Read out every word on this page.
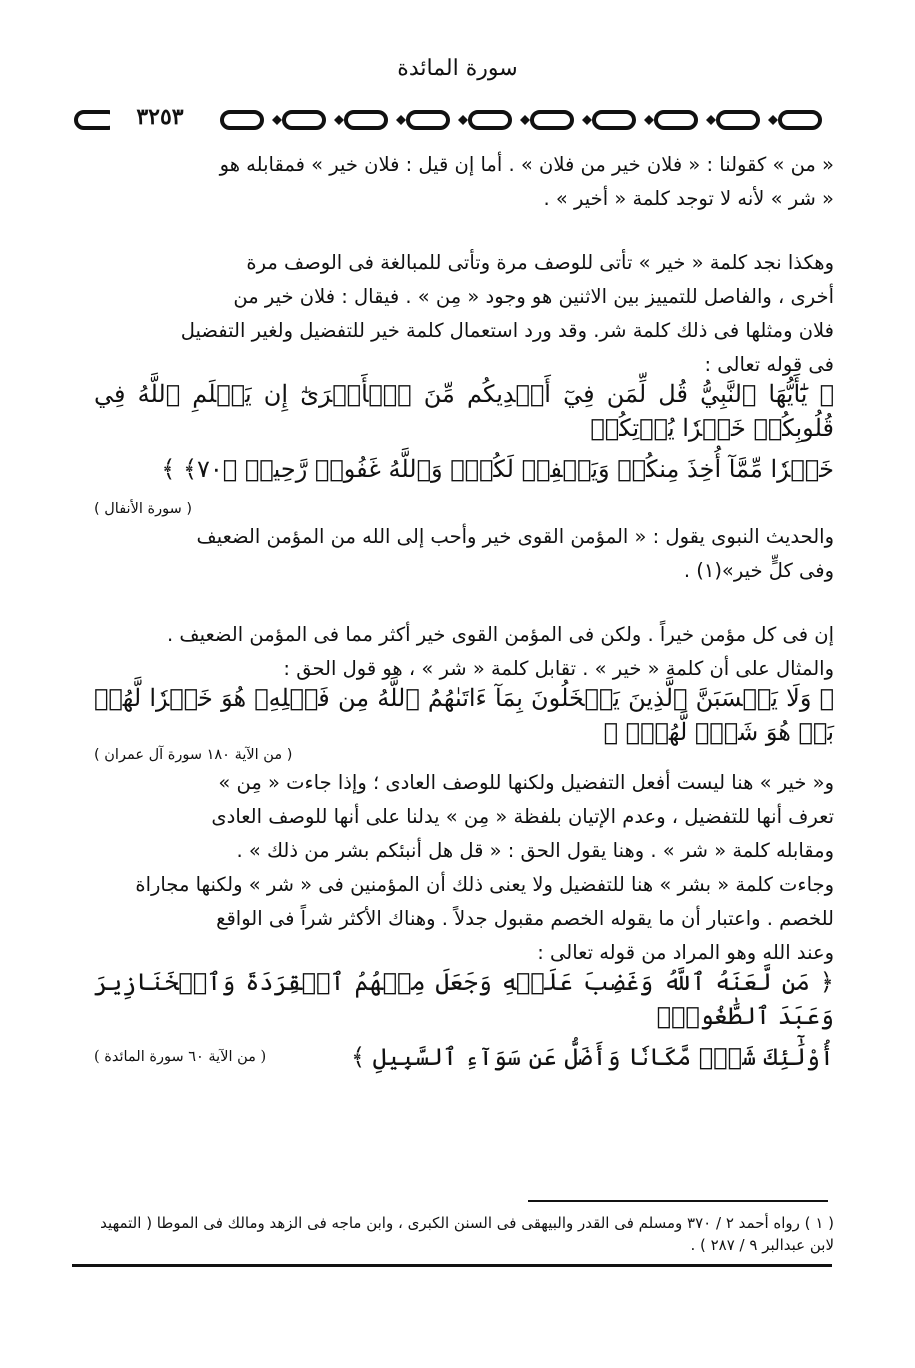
سورة المائدة
٣٢٥٣

« من » كقولنا : « فلان خير من فلان » . أما إن قيل : فلان خير » فمقابله هو

« شر » لأنه لا توجد كلمة « أخير » .

وهكذا نجد كلمة « خير » تأتى للوصف مرة وتأتى للمبالغة فى الوصف مرة

أخرى ، والفاصل للتمييز بين الاثنين هو وجود « مِن » . فيقال : فلان خير من

فلان ومثلها فى ذلك كلمة شر. وقد ورد استعمال كلمة خير للتفضيل ولغير التفضيل

فى قوله تعالى :

﴿ يَٰٓأَيُّهَا ٱلنَّبِيُّ قُل لِّمَن فِيٓ أَيۡدِيكُم مِّنَ ٱلۡأَسۡرَىٰٓ إِن يَعۡلَمِ ٱللَّهُ فِي قُلُوبِكُمۡ خَيۡرٗا يُؤۡتِكُمۡ
خَيۡرٗا مِّمَّآ أُخِذَ مِنكُمۡ وَيَغۡفِرۡ لَكُمۡۚ وَٱللَّهُ غَفُورٞ رَّحِيمٞ ﴿٧٠﴾ ﴾

( سورة الأنفال )

والحديث النبوى يقول : « المؤمن القوى خير وأحب إلى الله من المؤمن الضعيف

وفى كلٍّ خير»(١) .

إن فى كل مؤمن خيراً . ولكن فى المؤمن القوى خير أكثر مما فى المؤمن الضعيف .

والمثال على أن كلمة « خير » . تقابل كلمة « شر » ، هو قول الحق :

﴿ وَلَا يَحۡسَبَنَّ ٱلَّذِينَ يَبۡخَلُونَ بِمَآ ءَاتَىٰهُمُ ٱللَّهُ مِن فَضۡلِهِۦ هُوَ خَيۡرٗا لَّهُمۖ بَلۡ هُوَ شَرّٞ لَّهُمۡۖ ﴾

( من الآية ١٨٠ سورة آل عمران )

و« خير » هنا ليست أفعل التفضيل ولكنها للوصف العادى ؛ وإذا جاءت « مِن »

تعرف أنها للتفضيل ، وعدم الإتيان بلفظة « مِن » يدلنا على أنها للوصف العادى

ومقابله كلمة « شر » . وهنا يقول الحق : « قل هل أنبئكم بشر من ذلك » .

وجاءت كلمة « بشر » هنا للتفضيل ولا يعنى ذلك أن المؤمنين فى « شر » ولكنها مجاراة

للخصم . واعتبار أن ما يقوله الخصم مقبول جدلاً . وهناك الأكثر شراً فى الواقع

وعند الله وهو المراد من قوله تعالى :

﴿ مَن لَّعَنَهُ ٱللَّهُ وَغَضِبَ عَلَيۡهِ وَجَعَلَ مِنۡهُمُ ٱلۡقِرَدَةَ وَٱلۡخَنَازِيرَ وَعَبَدَ ٱلطَّٰغُوتَۚ
أُوْلَٰٓئِكَ شَرّٞ مَّكَانٗا وَأَضَلُّ عَن سَوَآءِ ٱلسَّبِيلِ ﴾
( من الآية ٦٠ سورة المائدة )
( ١ ) رواه أحمد ٢ / ٣٧٠ ومسلم فى القدر والبيهقى فى السنن الكبرى ، وابن ماجه فى الزهد ومالك فى الموطا ( التمهيد
لابن عبدالبر ٩ / ٢٨٧ ) .
